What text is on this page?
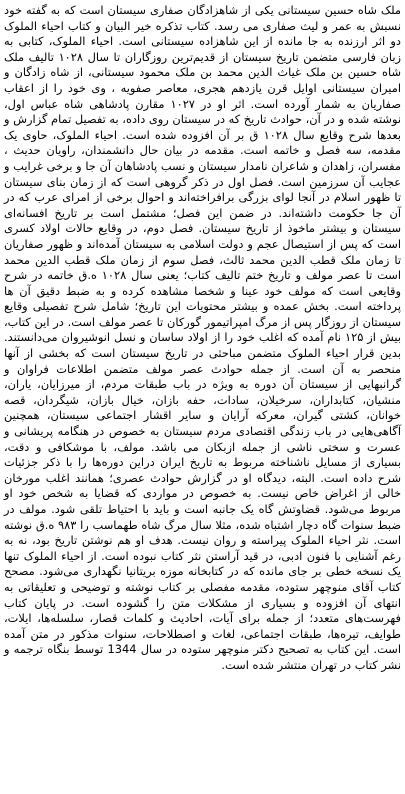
ملک شاه حسین سیستانی یکی از شاهزادگان صفاری سیستان است که به گفته خود نسبش به عمر و لیث صفاری می رسد. کتاب تذکره خیر البیان و کتاب احیاء الملوک دو اثر ارزنده به جا مانده از این شاهزاده سیستانی است. احیاء الملوک، کتابی به زبان فارسی متضمن تاریخ سیستان از قدیم‌ترین روزگاران تا سال ۱۰۲۸ تالیف ملک شاه حسین بن ملک غیاث الدین محمد بن ملک محمود سیستانی، از شاه زادگان و امیران سیستانی اوایل قرن یازدهم هجری، معاصر صفویه ، وی خود را از اعقاب صفاریان به شمار آورده است. اثر او در ۱۰۲۷ مقارن پادشاهی شاه عباس اول، نوشته شده و در آن، حوادث تاریخ که در سیستان روی داده، به تفصیل تمام گزارش و بعدها شرح وقایع سال ۱۰۲۸ ق بر آن افزوده شده است. احیاء الملوک، حاوی یک مقدمه، سه فصل و خاتمه است. مقدمه در بیان حال دانشمندان، راویان حدیث ، مفسران، زاهدان و شاعران نامدار سیستان و نسب پادشاهان آن جا و برخی غرایب و عجایب آن سرزمین است. فصل اول در ذکر گروهی است که از زمان بنای سیستان تا ظهور اسلام در آنجا لوای بزرگی برافراخته‌اند و احوال برخی از امرای عرب که در آن جا حکومت داشته‌اند. در ضمن این فصل؛ مشتمل است بر تاریخ افسانه‌ای سیستان و بیشتر ماخوذ از تاریخ سیستان. فصل دوم، در وقایع حالات اولاد کسری است که پس از استیصال عجم و دولت اسلامی به سیستان آمده‌اند و ظهور صفاریان تا زمان ملک قطب الدین محمد ثالث، فصل سوم از زمان ملک قطب الدین محمد است تا عصر مولف و تاریخ ختم تالیف کتاب؛ یعنی سال ۱۰۲۸ ه.ق خاتمه در شرح وقایعی است که مولف خود عینا و شخصا مشاهده کرده و به ضبط دقیق آن ها پرداخته است. بخش عمده و بیشتر محتویات این تاریخ؛ شامل شرح تفصیلی وقایع سیستان از روزگار پس از مرگ امپراتیمور گورکان تا عصر مولف است. در این کتاب، بیش از ۱۲۵ نام آمده که اغلب خود را از اولاد ساسان و نسل انوشیروان می‌دانستند. بدین قرار احیاء الملوک متضمن مباحثی در تاریخ سیستان است که بخشی از آنها منحصر به آن است. از جمله حوادث عصر مولف متضمن اطلاعات فراوان و گرانبهایی از سیستان آن دوره به ویژه در باب طبقات مردم، از میرزایان، یاران، منشیان، کتابداران، سرخیلان، سادات، حفه بازان، خیال بازان، شیگردان، قصه خوانان، کشتی گیران، معرکه آرایان و سایر اقشار اجتماعی سیستان، همچنین آگاهی‌هایی در باب زندگی اقتصادی مردم سیستان به خصوص در هنگامه پریشانی و عسرت و سختی ناشی از جمله ازبکان می باشد. مولف، با موشکافی و دقت، بسیاری از مسایل ناشناخته مربوط به تاریخ ایران دراین دوره‌ها را با ذکر جزئیات شرح داده است. البته، دیدگاه او در گزارش حوادث عصری؛ همانند اغلب مورخان خالی از اغراض خاص نیست. به خصوص در مواردی که قضایا به شخص خود او مربوط می‌شود. قضاوتش گاه یک جانبه است و باید با احتیاط تلقی شود. مولف در ضبط سنوات گاه دچار اشتباه شده، مثلا سال مرگ شاه طهماسب را ۹۸۳ ه.ق نوشته است. نثر احیاء الملوک پیراسته و روان نیست. هدف او هم نوشتن تاریخ بود، نه به رغم آشنایی با فنون ادبی، در قید آراستن نثر کتاب نبوده است. از احیاء الملوک تنها یک نسخه خطی بر جای مانده که در کتابخانه موزه بریتانیا نگهداری می‌شود. مصحح کتاب آقای منوچهر ستوده، مقدمه مفصلی بر کتاب نوشته و توضیحی و تعلیقاتی به انتهای آن افزوده و بسیاری از مشکلات متن را گشوده است. در پایان کتاب فهرست‌های متعدد؛ از جمله برای آیات، احادیث و کلمات قصار، سلسله‌ها، ایلات، طوایف، تیره‌ها، طبقات اجتماعی، لغات و اصطلاحات، سنوات مذکور در متن آمده است. این کتاب به تصحیح دکتر منوچهر ستوده در سال 1344 توسط بنگاه ترجمه و نشر کتاب در تهران منتشر شده است.
